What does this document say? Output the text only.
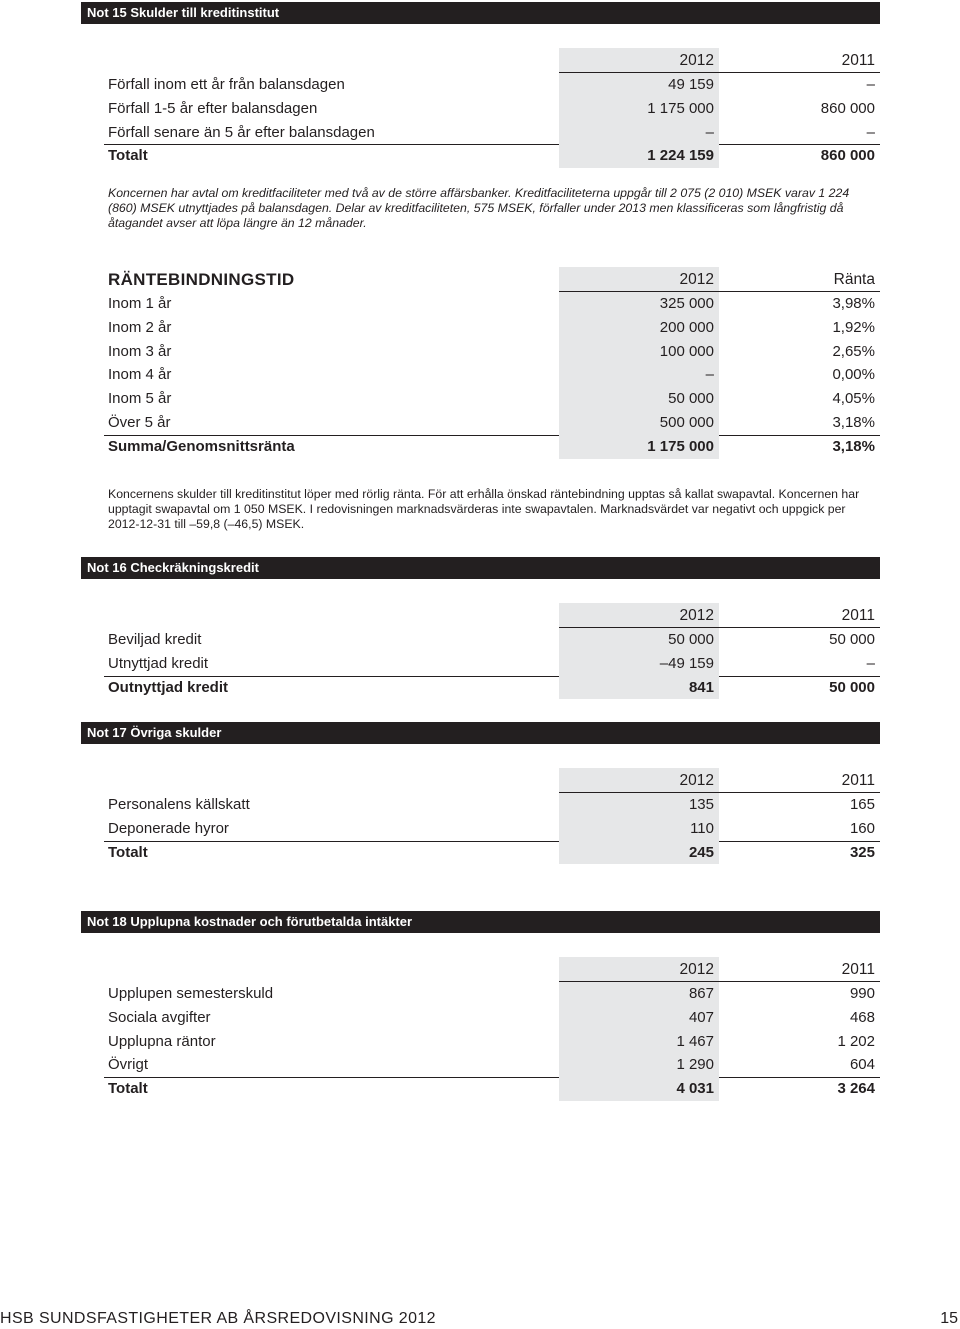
Not 15 Skulder till kreditinstitut
2012	2011
Förfall inom ett år från balansdagen	49 159	–
Förfall 1-5 år efter balansdagen	1 175 000	860 000
Förfall senare än 5 år efter balansdagen	–	–
Totalt	1 224 159	860 000
Koncernen har avtal om kreditfaciliteter med två av de större affärsbanker. Kreditfaciliteterna uppgår till 2 075 (2 010) MSEK varav 1 224 (860) MSEK utnyttjades på balansdagen. Delar av kreditfaciliteten, 575 MSEK, förfaller under 2013 men klassificeras som långfristig då åtagandet avser att löpa längre än 12 månader.
RÄNTEBINDNINGSTID	2012	Ränta
Inom 1 år	325 000	3,98%
Inom 2 år	200 000	1,92%
Inom 3 år	100 000	2,65%
Inom 4 år	–	0,00%
Inom 5 år	50 000	4,05%
Över 5 år	500 000	3,18%
Summa/Genomsnittsränta	1 175 000	3,18%
Koncernens skulder till kreditinstitut löper med rörlig ränta. För att erhålla önskad räntebindning upptas så kallat swapavtal. Koncernen har upptagit swapavtal om 1 050 MSEK. I redovisningen marknadsvärderas inte swapavtalen. Marknadsvärdet var negativt och uppgick per 2012-12-31 till –59,8 (–46,5) MSEK.
Not 16 Checkräkningskredit
2012	2011
Beviljad kredit	50 000	50 000
Utnyttjad kredit	–49 159	–
Outnyttjad kredit	841	50 000
Not 17 Övriga skulder
2012	2011
Personalens källskatt	135	165
Deponerade hyror	110	160
Totalt	245	325
Not 18 Upplupna kostnader och förutbetalda intäkter
2012	2011
Upplupen semesterskuld	867	990
Sociala avgifter	407	468
Upplupna räntor	1 467	1 202
Övrigt	1 290	604
Totalt	4 031	3 264
HSB SUNDSFASTIGHETER AB ÅRSREDOVISNING 2012	15
